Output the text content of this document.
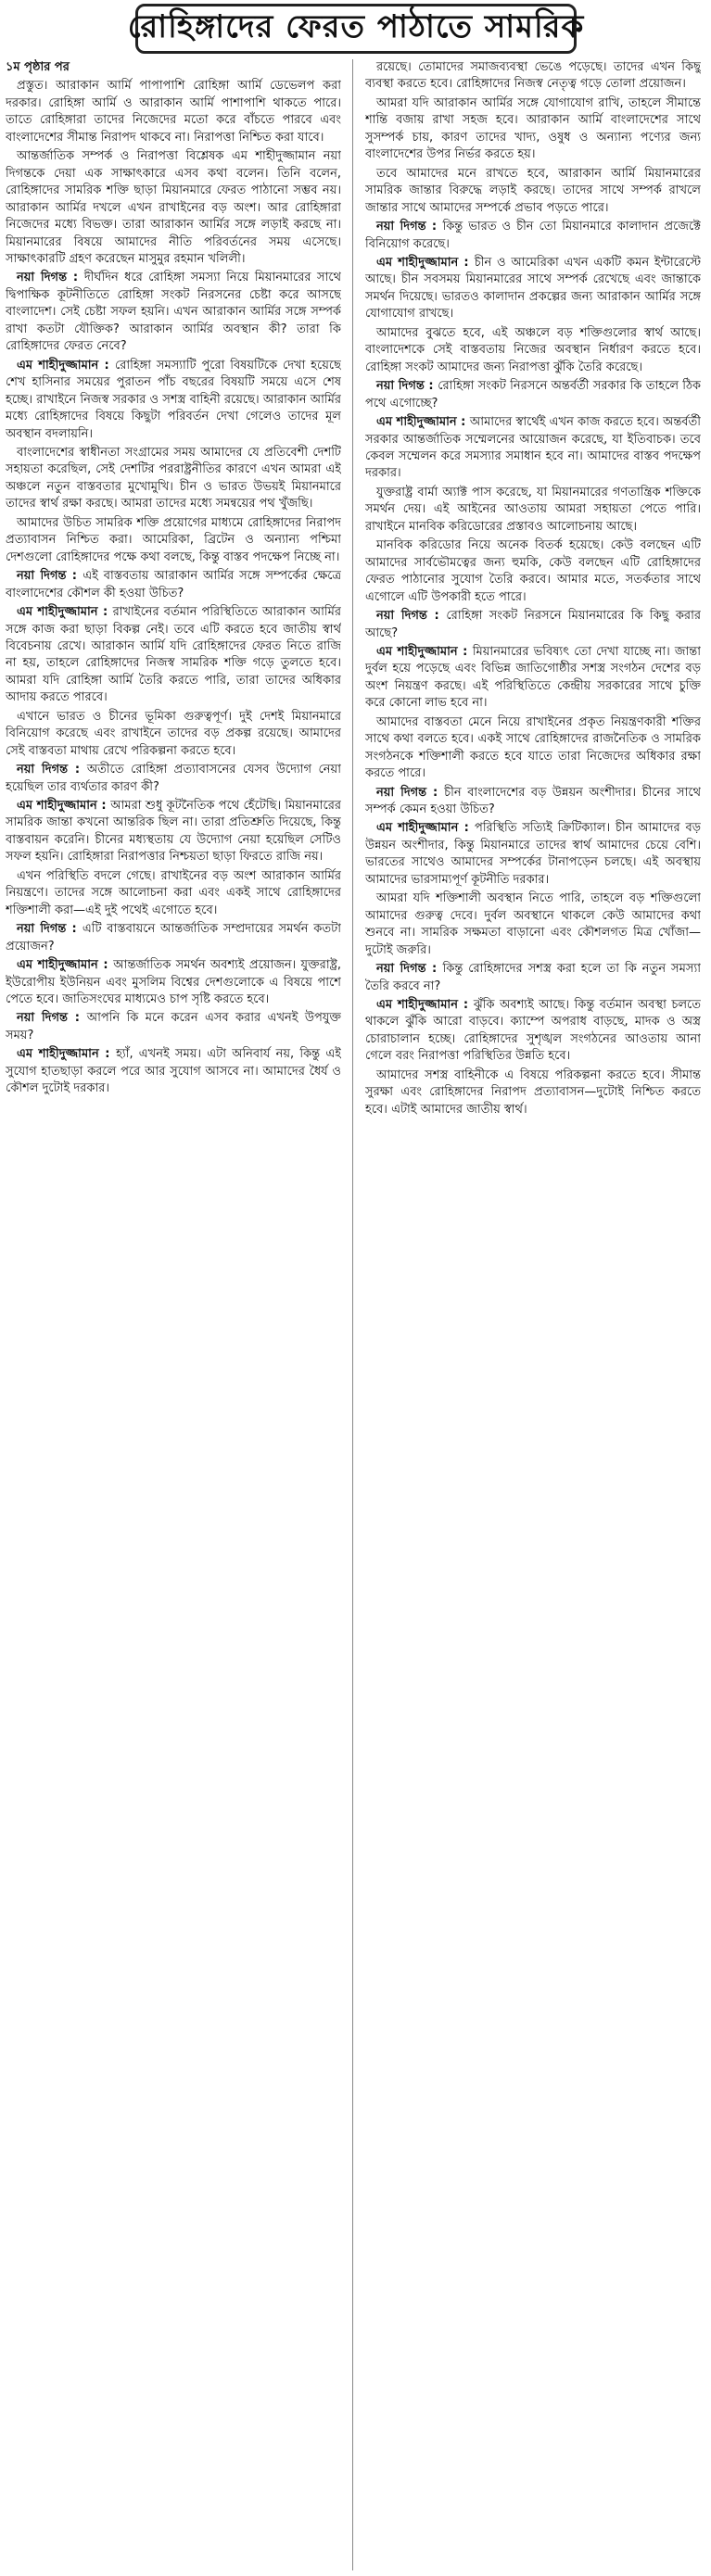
রোহিঙ্গাদের ফেরত পাঠাতে সামরিক

১ম পৃষ্ঠার পর

প্রস্তুত। আরাকান আর্মি পাপাপাশি রোহিঙ্গা আর্মি ডেভেলপ করা দরকার। রোহিঙ্গা আর্মি ও আরাকান আর্মি পাশাপাশি থাকতে পারে। তাতে রোহিঙ্গারা তাদের নিজেদের মতো করে বাঁচতে পারবে এবং বাংলাদেশের সীমান্ত নিরাপদ থাকবে না। নিরাপত্তা নিশ্চিত করা যাবে।

আন্তর্জাতিক সম্পর্ক ও নিরাপত্তা বিশ্লেষক এম শাহীদুজ্জামান নয়া দিগন্তকে দেয়া এক সাক্ষাৎকারে এসব কথা বলেন। তিনি বলেন, রোহিঙ্গাদের সামরিক শক্তি ছাড়া মিয়ানমারে ফেরত পাঠানো সম্ভব নয়। আরাকান আর্মির দখলে এখন রাখাইনের বড় অংশ। আর রোহিঙ্গারা নিজেদের মধ্যে বিভক্ত। তারা আরাকান আর্মির সঙ্গে লড়াই করছে না। মিয়ানমারের বিষয়ে আমাদের নীতি পরিবর্তনের সময় এসেছে। সাক্ষাৎকারটি গ্রহণ করেছেন মাসুমুর রহমান খলিলী।

নয়া দিগন্ত : দীর্ঘদিন ধরে রোহিঙ্গা সমস্যা নিয়ে মিয়ানমারের সাথে দ্বিপাক্ষিক কূটনীতিতে রোহিঙ্গা সংকট নিরসনের চেষ্টা করে আসছে বাংলাদেশ। সেই চেষ্টা সফল হয়নি। এখন আরাকান আর্মির সঙ্গে সম্পর্ক রাখা কতটা যৌক্তিক? আরাকান আর্মির অবস্থান কী? তারা কি রোহিঙ্গাদের ফেরত নেবে?

এম শাহীদুজ্জামান : রোহিঙ্গা সমস্যাটি পুরো বিষয়টিকে দেখা হয়েছে শেখ হাসিনার সময়ের পুরাতন পাঁচ বছরের বিষয়টি সময়ে এসে শেষ হচ্ছে। রাখাইনে নিজস্ব সরকার ও সশস্ত্র বাহিনী রয়েছে। আরাকান আর্মির মধ্যে রোহিঙ্গাদের বিষয়ে কিছুটা পরিবর্তন দেখা গেলেও তাদের মূল অবস্থান বদলায়নি।

বাংলাদেশের স্বাধীনতা সংগ্রামের সময় আমাদের যে প্রতিবেশী দেশটি সহায়তা করেছিল, সেই দেশটির পররাষ্ট্রনীতির কারণে এখন আমরা এই অঞ্চলে নতুন বাস্তবতার মুখোমুখি। চীন ও ভারত উভয়ই মিয়ানমারে তাদের স্বার্থ রক্ষা করছে। আমরা তাদের মধ্যে সমন্বয়ের পথ খুঁজছি।

আমাদের উচিত সামরিক শক্তি প্রয়োগের মাধ্যমে রোহিঙ্গাদের নিরাপদ প্রত্যাবাসন নিশ্চিত করা। আমেরিকা, ব্রিটেন ও অন্যান্য পশ্চিমা দেশগুলো রোহিঙ্গাদের পক্ষে কথা বলছে, কিন্তু বাস্তব পদক্ষেপ নিচ্ছে না।

নয়া দিগন্ত : এই বাস্তবতায় আরাকান আর্মির সঙ্গে সম্পর্কের ক্ষেত্রে বাংলাদেশের কৌশল কী হওয়া উচিত?

এম শাহীদুজ্জামান : রাখাইনের বর্তমান পরিস্থিতিতে আরাকান আর্মির সঙ্গে কাজ করা ছাড়া বিকল্প নেই। তবে এটি করতে হবে জাতীয় স্বার্থ বিবেচনায় রেখে। আরাকান আর্মি যদি রোহিঙ্গাদের ফেরত নিতে রাজি না হয়, তাহলে রোহিঙ্গাদের নিজস্ব সামরিক শক্তি গড়ে তুলতে হবে। আমরা যদি রোহিঙ্গা আর্মি তৈরি করতে পারি, তারা তাদের অধিকার আদায় করতে পারবে।

এখানে ভারত ও চীনের ভূমিকা গুরুত্বপূর্ণ। দুই দেশই মিয়ানমারে বিনিয়োগ করেছে এবং রাখাইনে তাদের বড় প্রকল্প রয়েছে। আমাদের সেই বাস্তবতা মাথায় রেখে পরিকল্পনা করতে হবে।

নয়া দিগন্ত : অতীতে রোহিঙ্গা প্রত্যাবাসনের যেসব উদ্যোগ নেয়া হয়েছিল তার ব্যর্থতার কারণ কী?

এম শাহীদুজ্জামান : আমরা শুধু কূটনৈতিক পথে হেঁটেছি। মিয়ানমারের সামরিক জান্তা কখনো আন্তরিক ছিল না। তারা প্রতিশ্রুতি দিয়েছে, কিন্তু বাস্তবায়ন করেনি। চীনের মধ্যস্থতায় যে উদ্যোগ নেয়া হয়েছিল সেটিও সফল হয়নি। রোহিঙ্গারা নিরাপত্তার নিশ্চয়তা ছাড়া ফিরতে রাজি নয়।

এখন পরিস্থিতি বদলে গেছে। রাখাইনের বড় অংশ আরাকান আর্মির নিয়ন্ত্রণে। তাদের সঙ্গে আলোচনা করা এবং একই সাথে রোহিঙ্গাদের শক্তিশালী করা—এই দুই পথেই এগোতে হবে।

নয়া দিগন্ত : এটি বাস্তবায়নে আন্তর্জাতিক সম্প্রদায়ের সমর্থন কতটা প্রয়োজন?

এম শাহীদুজ্জামান : আন্তর্জাতিক সমর্থন অবশ্যই প্রয়োজন। যুক্তরাষ্ট্র, ইউরোপীয় ইউনিয়ন এবং মুসলিম বিশ্বের দেশগুলোকে এ বিষয়ে পাশে পেতে হবে। জাতিসংঘের মাধ্যমেও চাপ সৃষ্টি করতে হবে।

নয়া দিগন্ত : আপনি কি মনে করেন এসব করার এখনই উপযুক্ত সময়?

এম শাহীদুজ্জামান : হ্যাঁ, এখনই সময়। এটা অনিবার্য নয়, কিন্তু এই সুযোগ হাতছাড়া করলে পরে আর সুযোগ আসবে না। আমাদের ধৈর্য ও কৌশল দুটোই দরকার।

রয়েছে। তোমাদের সমাজব্যবস্থা ভেঙে পড়েছে। তাদের এখন কিছু ব্যবস্থা করতে হবে। রোহিঙ্গাদের নিজস্ব নেতৃত্ব গড়ে তোলা প্রয়োজন।

আমরা যদি আরাকান আর্মির সঙ্গে যোগাযোগ রাখি, তাহলে সীমান্তে শান্তি বজায় রাখা সহজ হবে। আরাকান আর্মি বাংলাদেশের সাথে সুসম্পর্ক চায়, কারণ তাদের খাদ্য, ওষুধ ও অন্যান্য পণ্যের জন্য বাংলাদেশের উপর নির্ভর করতে হয়।

তবে আমাদের মনে রাখতে হবে, আরাকান আর্মি মিয়ানমারের সামরিক জান্তার বিরুদ্ধে লড়াই করছে। তাদের সাথে সম্পর্ক রাখলে জান্তার সাথে আমাদের সম্পর্কে প্রভাব পড়তে পারে।

নয়া দিগন্ত : কিন্তু ভারত ও চীন তো মিয়ানমারে কালাদান প্রজেক্টে বিনিয়োগ করেছে।

এম শাহীদুজ্জামান : চীন ও আমেরিকা এখন একটি কমন ইন্টারেস্টে আছে। চীন সবসময় মিয়ানমারের সাথে সম্পর্ক রেখেছে এবং জান্তাকে সমর্থন দিয়েছে। ভারতও কালাদান প্রকল্পের জন্য আরাকান আর্মির সঙ্গে যোগাযোগ রাখছে।

আমাদের বুঝতে হবে, এই অঞ্চলে বড় শক্তিগুলোর স্বার্থ আছে। বাংলাদেশকে সেই বাস্তবতায় নিজের অবস্থান নির্ধারণ করতে হবে। রোহিঙ্গা সংকট আমাদের জন্য নিরাপত্তা ঝুঁকি তৈরি করেছে।

নয়া দিগন্ত : রোহিঙ্গা সংকট নিরসনে অন্তর্বর্তী সরকার কি তাহলে ঠিক পথে এগোচ্ছে?

এম শাহীদুজ্জামান : আমাদের স্বার্থেই এখন কাজ করতে হবে। অন্তর্বর্তী সরকার আন্তর্জাতিক সম্মেলনের আয়োজন করেছে, যা ইতিবাচক। তবে কেবল সম্মেলন করে সমস্যার সমাধান হবে না। আমাদের বাস্তব পদক্ষেপ দরকার।

যুক্তরাষ্ট্র বার্মা অ্যাক্ট পাস করেছে, যা মিয়ানমারের গণতান্ত্রিক শক্তিকে সমর্থন দেয়। এই আইনের আওতায় আমরা সহায়তা পেতে পারি। রাখাইনে মানবিক করিডোরের প্রস্তাবও আলোচনায় আছে।

মানবিক করিডোর নিয়ে অনেক বিতর্ক হয়েছে। কেউ বলছেন এটি আমাদের সার্বভৌমত্বের জন্য হুমকি, কেউ বলছেন এটি রোহিঙ্গাদের ফেরত পাঠানোর সুযোগ তৈরি করবে। আমার মতে, সতর্কতার সাথে এগোলে এটি উপকারী হতে পারে।

নয়া দিগন্ত : রোহিঙ্গা সংকট নিরসনে মিয়ানমারের কি কিছু করার আছে?

এম শাহীদুজ্জামান : মিয়ানমারের ভবিষ্যৎ তো দেখা যাচ্ছে না। জান্তা দুর্বল হয়ে পড়েছে এবং বিভিন্ন জাতিগোষ্ঠীর সশস্ত্র সংগঠন দেশের বড় অংশ নিয়ন্ত্রণ করছে। এই পরিস্থিতিতে কেন্দ্রীয় সরকারের সাথে চুক্তি করে কোনো লাভ হবে না।

আমাদের বাস্তবতা মেনে নিয়ে রাখাইনের প্রকৃত নিয়ন্ত্রণকারী শক্তির সাথে কথা বলতে হবে। একই সাথে রোহিঙ্গাদের রাজনৈতিক ও সামরিক সংগঠনকে শক্তিশালী করতে হবে যাতে তারা নিজেদের অধিকার রক্ষা করতে পারে।

নয়া দিগন্ত : চীন বাংলাদেশের বড় উন্নয়ন অংশীদার। চীনের সাথে সম্পর্ক কেমন হওয়া উচিত?

এম শাহীদুজ্জামান : পরিস্থিতি সত্যিই ক্রিটিক্যাল। চীন আমাদের বড় উন্নয়ন অংশীদার, কিন্তু মিয়ানমারে তাদের স্বার্থ আমাদের চেয়ে বেশি। ভারতের সাথেও আমাদের সম্পর্কের টানাপড়েন চলছে। এই অবস্থায় আমাদের ভারসাম্যপূর্ণ কূটনীতি দরকার।

আমরা যদি শক্তিশালী অবস্থান নিতে পারি, তাহলে বড় শক্তিগুলো আমাদের গুরুত্ব দেবে। দুর্বল অবস্থানে থাকলে কেউ আমাদের কথা শুনবে না। সামরিক সক্ষমতা বাড়ানো এবং কৌশলগত মিত্র খোঁজা—দুটোই জরুরি।

নয়া দিগন্ত : কিন্তু রোহিঙ্গাদের সশস্ত্র করা হলে তা কি নতুন সমস্যা তৈরি করবে না?

এম শাহীদুজ্জামান : ঝুঁকি অবশ্যই আছে। কিন্তু বর্তমান অবস্থা চলতে থাকলে ঝুঁকি আরো বাড়বে। ক্যাম্পে অপরাধ বাড়ছে, মাদক ও অস্ত্র চোরাচালান হচ্ছে। রোহিঙ্গাদের সুশৃঙ্খল সংগঠনের আওতায় আনা গেলে বরং নিরাপত্তা পরিস্থিতির উন্নতি হবে।

আমাদের সশস্ত্র বাহিনীকে এ বিষয়ে পরিকল্পনা করতে হবে। সীমান্ত সুরক্ষা এবং রোহিঙ্গাদের নিরাপদ প্রত্যাবাসন—দুটোই নিশ্চিত করতে হবে। এটাই আমাদের জাতীয় স্বার্থ।
